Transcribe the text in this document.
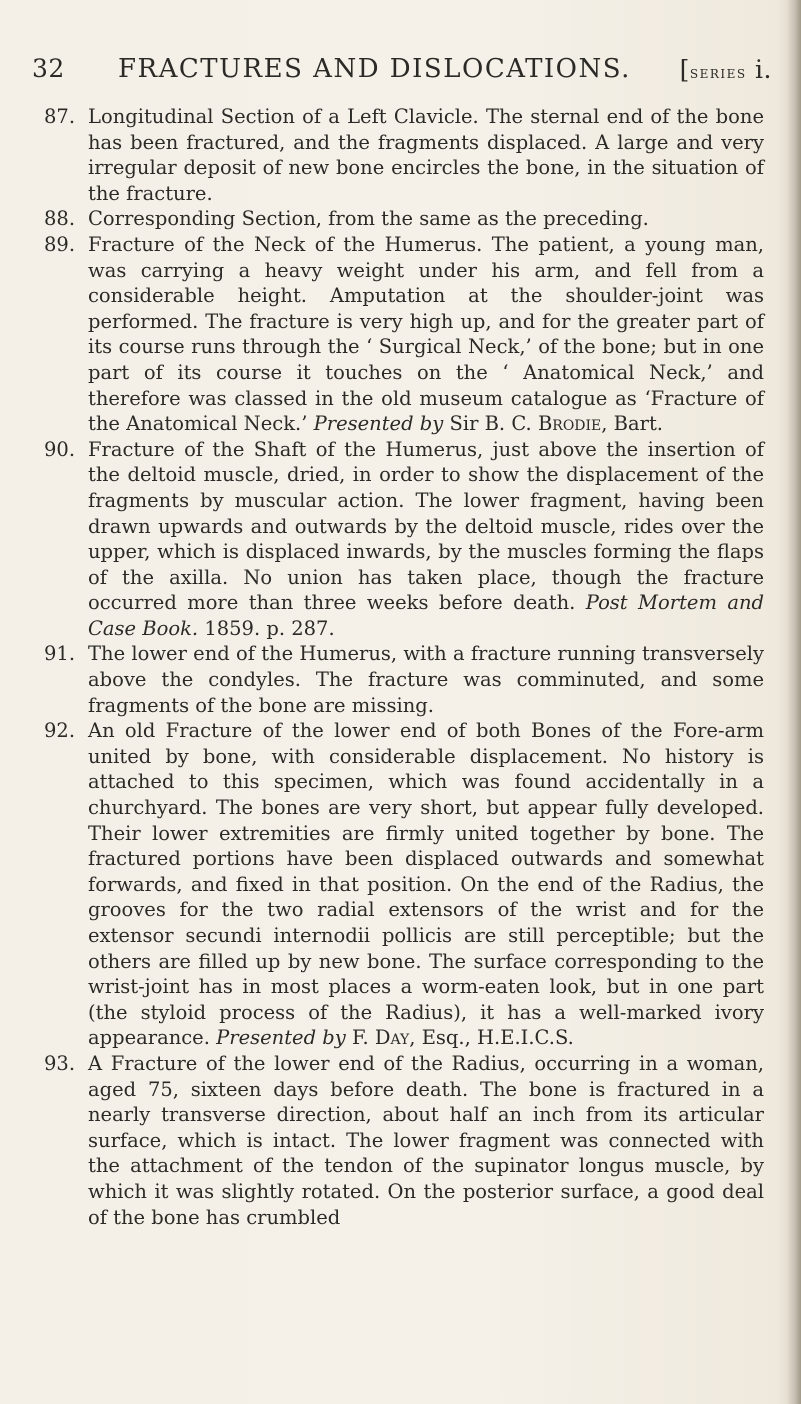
32 FRACTURES AND DISLOCATIONS. [series i.
87. Longitudinal Section of a Left Clavicle. The sternal end of the bone has been fractured, and the fragments displaced. A large and very irregular deposit of new bone encircles the bone, in the situation of the fracture.
88. Corresponding Section, from the same as the preceding.
89. Fracture of the Neck of the Humerus. The patient, a young man, was carrying a heavy weight under his arm, and fell from a considerable height. Amputation at the shoulder-joint was performed. The fracture is very high up, and for the greater part of its course runs through the ‘ Surgical Neck,’ of the bone; but in one part of its course it touches on the ‘ Anatomical Neck,’ and therefore was classed in the old museum catalogue as ‘Fracture of the Anatomical Neck.’ Presented by Sir B. C. Brodie, Bart.
90. Fracture of the Shaft of the Humerus, just above the insertion of the deltoid muscle, dried, in order to show the displacement of the fragments by muscular action. The lower fragment, having been drawn upwards and outwards by the deltoid muscle, rides over the upper, which is displaced inwards, by the muscles forming the flaps of the axilla. No union has taken place, though the fracture occurred more than three weeks before death. Post Mortem and Case Book. 1859. p. 287.
91. The lower end of the Humerus, with a fracture running transversely above the condyles. The fracture was comminuted, and some fragments of the bone are missing.
92. An old Fracture of the lower end of both Bones of the Fore-arm united by bone, with considerable displacement. No history is attached to this specimen, which was found accidentally in a churchyard. The bones are very short, but appear fully developed. Their lower extremities are firmly united together by bone. The fractured portions have been displaced outwards and somewhat forwards, and fixed in that position. On the end of the Radius, the grooves for the two radial extensors of the wrist and for the extensor secundi internodii pollicis are still perceptible; but the others are filled up by new bone. The surface corresponding to the wrist-joint has in most places a worm-eaten look, but in one part (the styloid process of the Radius), it has a well-marked ivory appearance. Presented by F. Day, Esq., H.E.I.C.S.
93. A Fracture of the lower end of the Radius, occurring in a woman, aged 75, sixteen days before death. The bone is fractured in a nearly transverse direction, about half an inch from its articular surface, which is intact. The lower fragment was connected with the attachment of the tendon of the supinator longus muscle, by which it was slightly rotated. On the posterior surface, a good deal of the bone has crumbled
